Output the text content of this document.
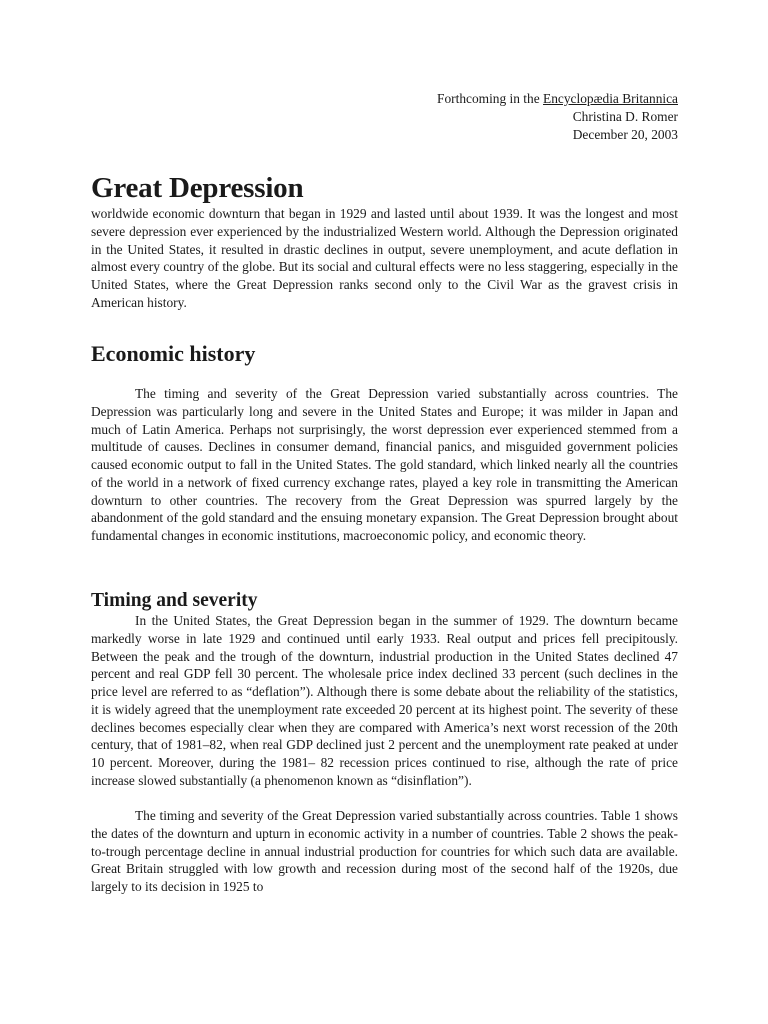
Forthcoming in the Encyclopædia Britannica
Christina D. Romer
December 20, 2003
Great Depression

worldwide economic downturn that began in 1929 and lasted until about 1939. It was the longest and most severe depression ever experienced by the industrialized Western world. Although the Depression originated in the United States, it resulted in drastic declines in output, severe unemployment, and acute deflation in almost every country of the globe. But its social and cultural effects were no less staggering, especially in the United States, where the Great Depression ranks second only to the Civil War as the gravest crisis in American history.

Economic history

The timing and severity of the Great Depression varied substantially across countries. The Depression was particularly long and severe in the United States and Europe; it was milder in Japan and much of Latin America. Perhaps not surprisingly, the worst depression ever experienced stemmed from a multitude of causes. Declines in consumer demand, financial panics, and misguided government policies caused economic output to fall in the United States. The gold standard, which linked nearly all the countries of the world in a network of fixed currency exchange rates, played a key role in transmitting the American downturn to other countries. The recovery from the Great Depression was spurred largely by the abandonment of the gold standard and the ensuing monetary expansion. The Great Depression brought about fundamental changes in economic institutions, macroeconomic policy, and economic theory.

Timing and severity

In the United States, the Great Depression began in the summer of 1929. The downturn became markedly worse in late 1929 and continued until early 1933. Real output and prices fell precipitously. Between the peak and the trough of the downturn, industrial production in the United States declined 47 percent and real GDP fell 30 percent. The wholesale price index declined 33 percent (such declines in the price level are referred to as “deflation”). Although there is some debate about the reliability of the statistics, it is widely agreed that the unemployment rate exceeded 20 percent at its highest point. The severity of these declines becomes especially clear when they are compared with America’s next worst recession of the 20th century, that of 1981–82, when real GDP declined just 2 percent and the unemployment rate peaked at under 10 percent. Moreover, during the 1981– 82 recession prices continued to rise, although the rate of price increase slowed substantially (a phenomenon known as “disinflation”).

The timing and severity of the Great Depression varied substantially across countries. Table 1 shows the dates of the downturn and upturn in economic activity in a number of countries. Table 2 shows the peak-to-trough percentage decline in annual industrial production for countries for which such data are available. Great Britain struggled with low growth and recession during most of the second half of the 1920s, due largely to its decision in 1925 to
